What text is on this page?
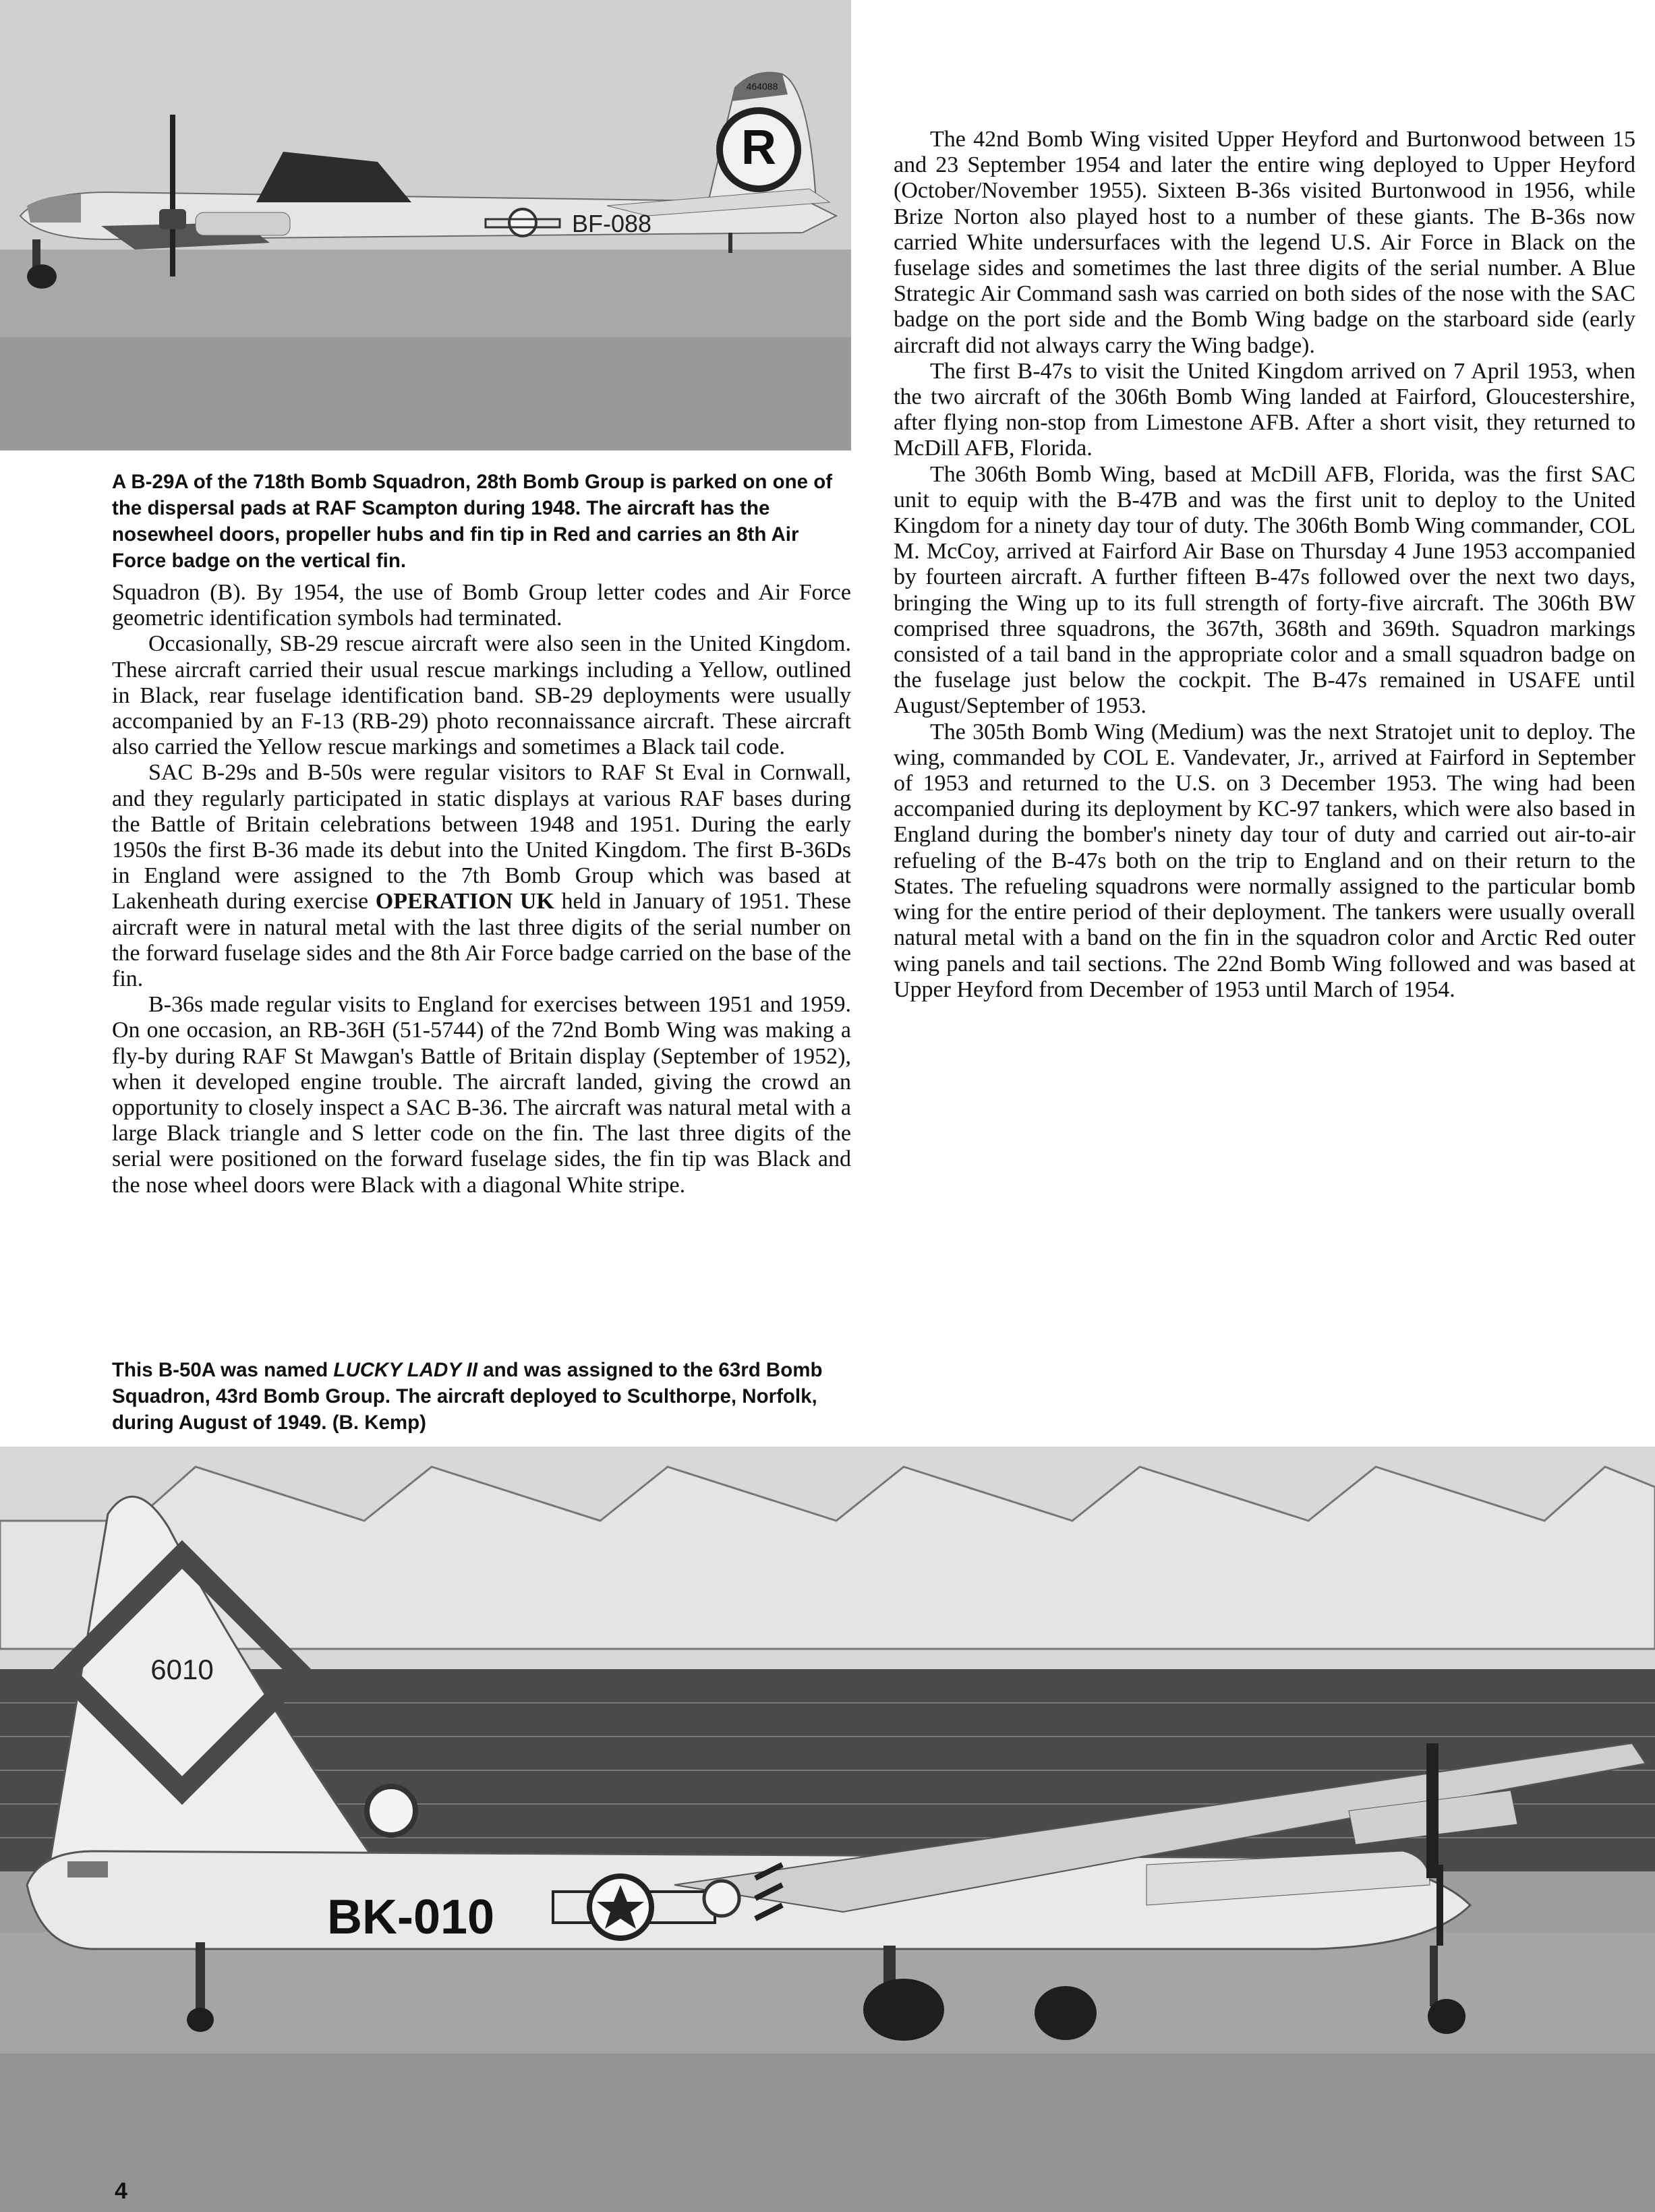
R
464088
BF-088

A B-29A of the 718th Bomb Squadron, 28th Bomb Group is parked on one of the dispersal pads at RAF Scampton during 1948. The aircraft has the nosewheel doors, propeller hubs and fin tip in Red and carries an 8th Air Force badge on the vertical fin.

Squadron (B). By 1954, the use of Bomb Group letter codes and Air Force geometric identification symbols had terminated.

Occasionally, SB-29 rescue aircraft were also seen in the United Kingdom. These aircraft carried their usual rescue markings including a Yellow, outlined in Black, rear fuselage identification band. SB-29 deployments were usually accompanied by an F-13 (RB-29) photo reconnaissance aircraft. These aircraft also carried the Yellow rescue markings and sometimes a Black tail code.

SAC B-29s and B-50s were regular visitors to RAF St Eval in Cornwall, and they regularly participated in static displays at various RAF bases during the Battle of Britain celebrations between 1948 and 1951. During the early 1950s the first B-36 made its debut into the United Kingdom. The first B-36Ds in England were assigned to the 7th Bomb Group which was based at Lakenheath during exercise OPERATION UK held in January of 1951. These aircraft were in natural metal with the last three digits of the serial number on the forward fuselage sides and the 8th Air Force badge carried on the base of the fin.

B-36s made regular visits to England for exercises between 1951 and 1959. On one occasion, an RB-36H (51-5744) of the 72nd Bomb Wing was making a fly-by during RAF St Mawgan's Battle of Britain display (September of 1952), when it developed engine trouble. The aircraft landed, giving the crowd an opportunity to closely inspect a SAC B-36. The aircraft was natural metal with a large Black triangle and S letter code on the fin. The last three digits of the serial were positioned on the forward fuselage sides, the fin tip was Black and the nose wheel doors were Black with a diagonal White stripe.

The 42nd Bomb Wing visited Upper Heyford and Burtonwood between 15 and 23 September 1954 and later the entire wing deployed to Upper Heyford (October/November 1955). Sixteen B-36s visited Burtonwood in 1956, while Brize Norton also played host to a number of these giants. The B-36s now carried White undersurfaces with the legend U.S. Air Force in Black on the fuselage sides and sometimes the last three digits of the serial number. A Blue Strategic Air Command sash was carried on both sides of the nose with the SAC badge on the port side and the Bomb Wing badge on the starboard side (early aircraft did not always carry the Wing badge).

The first B-47s to visit the United Kingdom arrived on 7 April 1953, when the two aircraft of the 306th Bomb Wing landed at Fairford, Gloucestershire, after flying non-stop from Limestone AFB. After a short visit, they returned to McDill AFB, Florida.

The 306th Bomb Wing, based at McDill AFB, Florida, was the first SAC unit to equip with the B-47B and was the first unit to deploy to the United Kingdom for a ninety day tour of duty. The 306th Bomb Wing commander, COL M. McCoy, arrived at Fairford Air Base on Thursday 4 June 1953 accompanied by fourteen aircraft. A further fifteen B-47s followed over the next two days, bringing the Wing up to its full strength of forty-five aircraft. The 306th BW comprised three squadrons, the 367th, 368th and 369th. Squadron markings consisted of a tail band in the appropriate color and a small squadron badge on the fuselage just below the cockpit. The B-47s remained in USAFE until August/September of 1953.

The 305th Bomb Wing (Medium) was the next Stratojet unit to deploy. The wing, commanded by COL E. Vandevater, Jr., arrived at Fairford in September of 1953 and returned to the U.S. on 3 December 1953. The wing had been accompanied during its deployment by KC-97 tankers, which were also based in England during the bomber's ninety day tour of duty and carried out air-to-air refueling of the B-47s both on the trip to England and on their return to the States. The refueling squadrons were normally assigned to the particular bomb wing for the entire period of their deployment. The tankers were usually overall natural metal with a band on the fin in the squadron color and Arctic Red outer wing panels and tail sections. The 22nd Bomb Wing followed and was based at Upper Heyford from December of 1953 until March of 1954.

This B-50A was named LUCKY LADY II and was assigned to the 63rd Bomb Squadron, 43rd Bomb Group. The aircraft deployed to Sculthorpe, Norfolk, during August of 1949. (B. Kemp)

6010
BK-010
4
